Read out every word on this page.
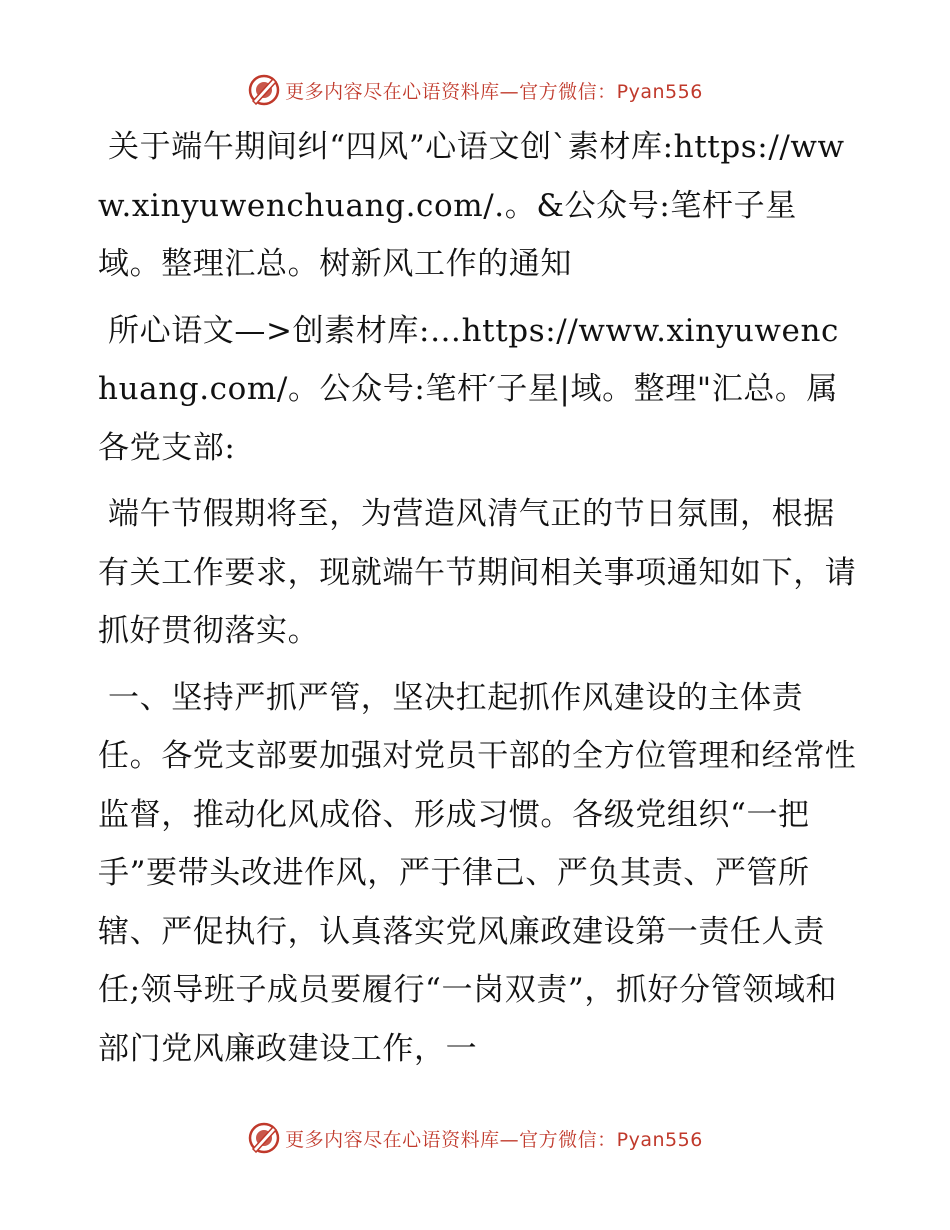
更多内容尽在心语资料库—官方微信：Pyan556

关于端午期间纠“四风”心语文创`素材库:https://www.xinyuwenchuang.com/.。&公众号:笔杆子星域。整理汇总。树新风工作的通知

所心语文—>创素材库:…https://www.xinyuwenchuang.com/。公众号:笔杆′子星|域。整理"汇总。属各党支部:

端午节假期将至，为营造风清气正的节日氛围，根据有关工作要求，现就端午节期间相关事项通知如下，请抓好贯彻落实。

一、坚持严抓严管，坚决扛起抓作风建设的主体责任。各党支部要加强对党员干部的全方位管理和经常性监督，推动化风成俗、形成习惯。各级党组织“一把手”要带头改进作风，严于律己、严负其责、严管所辖、严促执行，认真落实党风廉政建设第一责任人责任;领导班子成员要履行“一岗双责”，抓好分管领域和部门党风廉政建设工作，一

更多内容尽在心语资料库—官方微信：Pyan556
